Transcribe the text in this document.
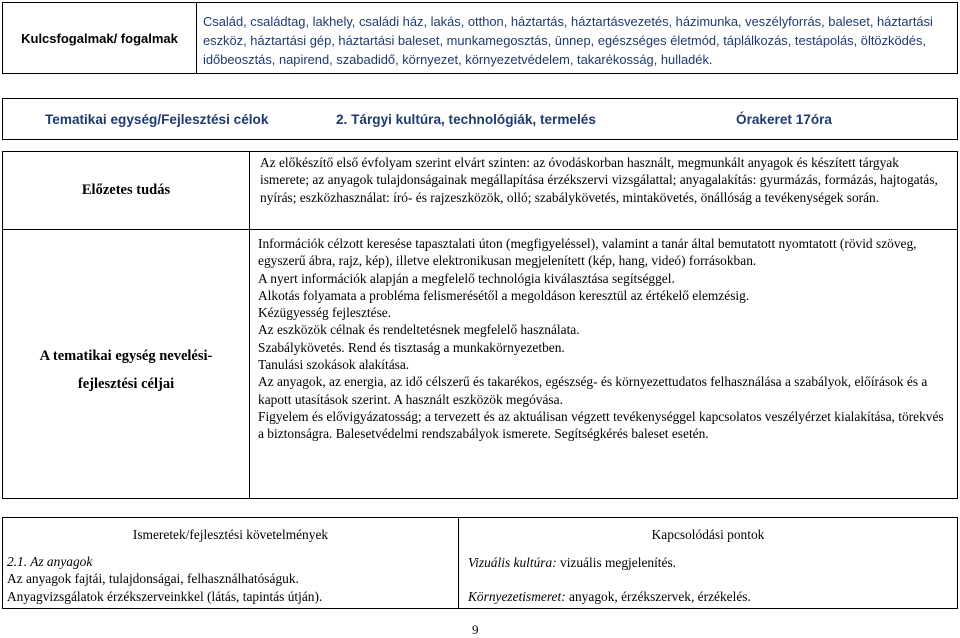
Kulcsfogalmak/ fogalmak
Család, családtag, lakhely, családi ház, lakás, otthon, háztartás, háztartásvezetés, házimunka, veszélyforrás, baleset, háztartási eszköz, háztartási gép, háztartási baleset, munkamegosztás, ünnep, egészséges életmód, táplálkozás, testápolás, öltözködés, időbeosztás, napirend, szabadidő, környezet, környezetvédelem, takarékosság, hulladék.
Tematikai egység/Fejlesztési célok	2. Tárgyi kultúra, technológiák, termelés	Órakeret 17óra
Előzetes tudás

Az előkészítő első évfolyam szerint elvárt szinten: az óvodáskorban használt, megmunkált anyagok és készített tárgyak ismerete; az anyagok tulajdonságainak megállapítása érzékszervi vizsgálattal; anyagalakítás: gyurmázás, formázás, hajtogatás, nyírás; eszközhasználat: író- és rajzeszközök, olló; szabálykövetés, mintakövetés, önállóság a tevékenységek során.

A tematikai egység nevelési-
fejlesztési céljai

Információk célzott keresése tapasztalati úton (megfigyeléssel), valamint a tanár által bemutatott nyomtatott (rövid szöveg, egyszerű ábra, rajz, kép), illetve elektronikusan megjelenített (kép, hang, videó) forrásokban.

A nyert információk alapján a megfelelő technológia kiválasztása segítséggel.

Alkotás folyamata a probléma felismerésétől a megoldáson keresztül az értékelő elemzésig.

Kézügyesség fejlesztése.

Az eszközök célnak és rendeltetésnek megfelelő használata.

Szabálykövetés. Rend és tisztaság a munkakörnyezetben.

Tanulási szokások alakítása.

Az anyagok, az energia, az idő célszerű és takarékos, egészség- és környezettudatos felhasználása a szabályok, előírások és a kapott utasítások szerint. A használt eszközök megóvása.

Figyelem és elővigyázatosság; a tervezett és az aktuálisan végzett tevékenységgel kapcsolatos veszélyérzet kialakítása, törekvés a biztonságra. Balesetvédelmi rendszabályok ismerete. Segítségkérés baleset esetén.

Ismeretek/fejlesztési követelmények

2.1. Az anyagok

Az anyagok fajtái, tulajdonságai, felhasználhatóságuk.

Anyagvizsgálatok érzékszerveinkkel (látás, tapintás útján).

Kapcsolódási pontok

Vizuális kultúra: vizuális megjelenítés.

Környezetismeret: anyagok, érzékszervek, érzékelés.

9
